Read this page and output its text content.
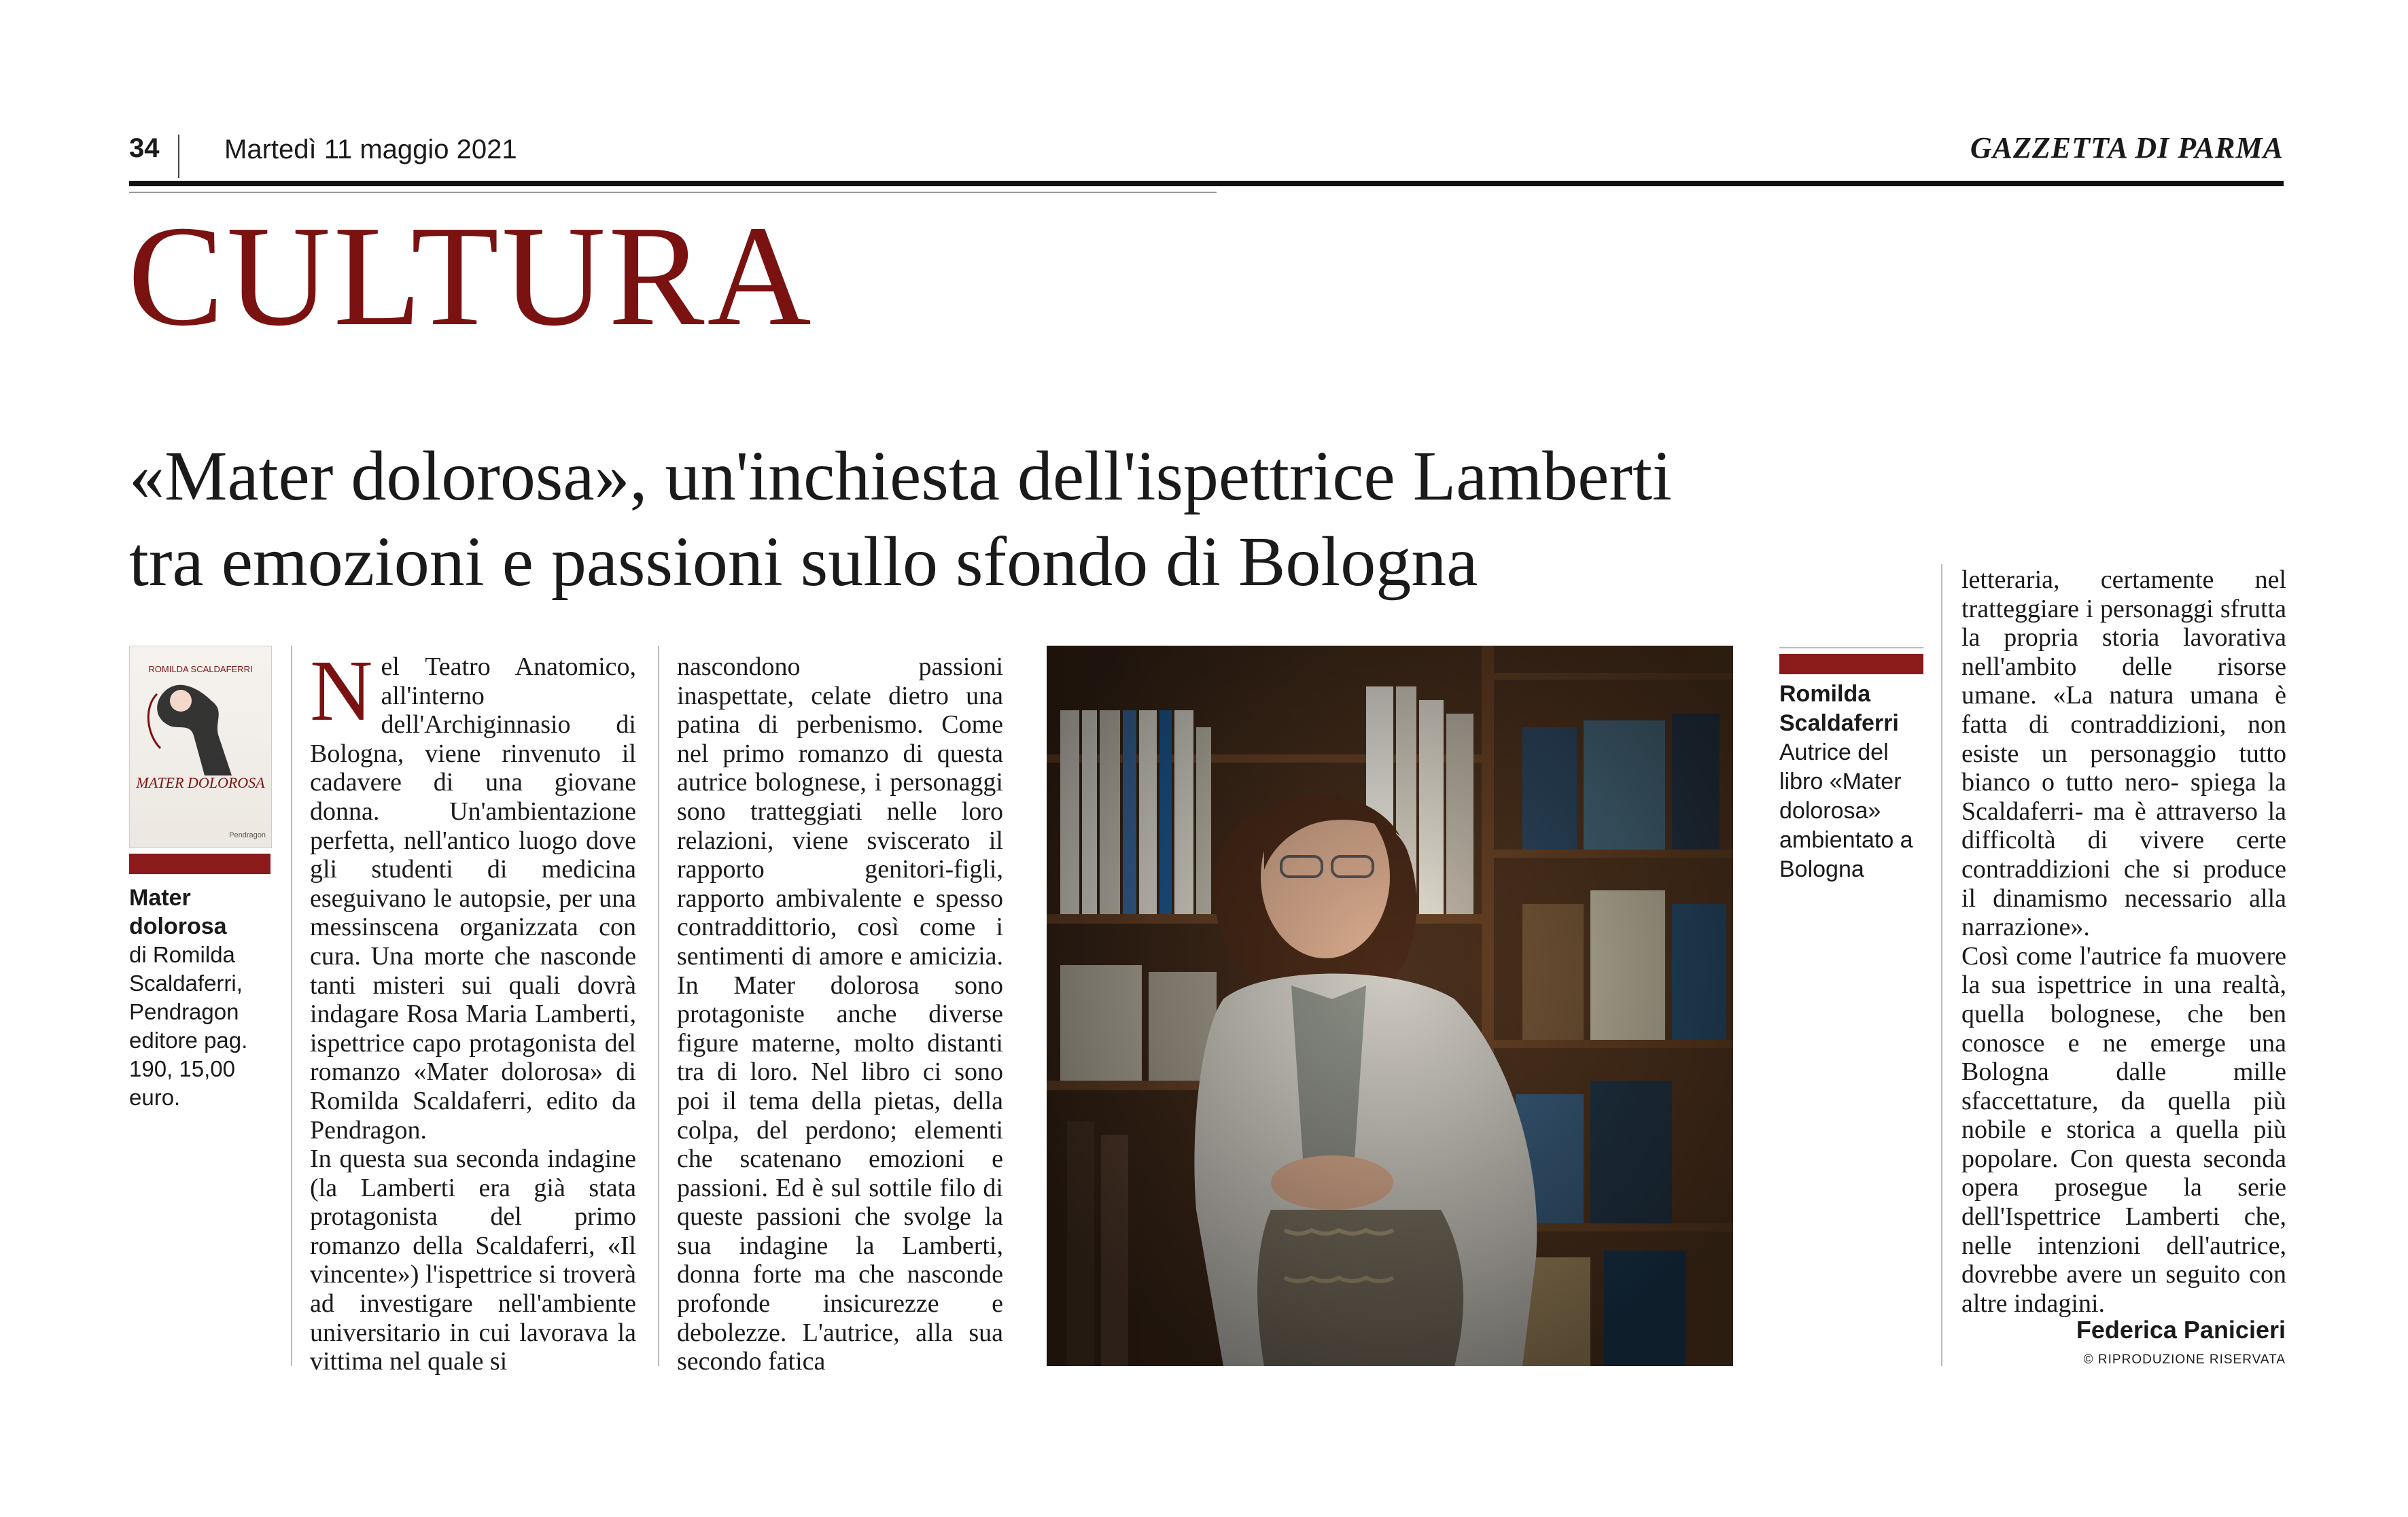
34 Martedì 11 maggio 2021	GAZZETTA DI PARMA
CULTURA
«Mater dolorosa», un'inchiesta dell'ispettrice Lamberti
tra emozioni e passioni sullo sfondo di Bologna
ROMILDA SCALDAFERRI
MATER DOLOROSA
Pendragon
Mater dolorosa
di Romilda Scaldaferri, Pendragon editore pag. 190, 15,00 euro.

Nel Teatro Anatomico, all'interno dell'Archiginnasio di Bologna, viene rinvenuto il cadavere di una giovane donna. Un'ambientazione perfetta, nell'antico luogo dove gli studenti di medicina eseguivano le autopsie, per una messinscena organizzata con cura. Una morte che nasconde tanti misteri sui quali dovrà indagare Rosa Maria Lamberti, ispettrice capo protagonista del romanzo «Mater dolorosa» di Romilda Scaldaferri, edito da Pendragon.

In questa sua seconda indagine (la Lamberti era già stata protagonista del primo romanzo della Scaldaferri, «Il vincente») l'ispettrice si troverà ad investigare nell'ambiente universitario in cui lavorava la vittima nel quale si

nascondono passioni inaspettate, celate dietro una patina di perbenismo. Come nel primo romanzo di questa autrice bolognese, i personaggi sono tratteggiati nelle loro relazioni, viene sviscerato il rapporto genitori-figli, rapporto ambivalente e spesso contraddittorio, così come i sentimenti di amore e amicizia. In Mater dolorosa sono protagoniste anche diverse figure materne, molto distanti tra di loro. Nel libro ci sono poi il tema della pietas, della colpa, del perdono; elementi che scatenano emozioni e passioni. Ed è sul sottile filo di queste passioni che svolge la sua indagine la Lamberti, donna forte ma che nasconde profonde insicurezze e debolezze. L'autrice, alla sua secondo fatica

Romilda Scaldaferri
Autrice del libro «Mater dolorosa» ambientato a Bologna

letteraria, certamente nel tratteggiare i personaggi sfrutta la propria storia lavorativa nell'ambito delle risorse umane. «La natura umana è fatta di contraddizioni, non esiste un personaggio tutto bianco o tutto nero- spiega la Scaldaferri- ma è attraverso la difficoltà di vivere certe contraddizioni che si produce il dinamismo necessario alla narrazione».

Così come l'autrice fa muovere la sua ispettrice in una realtà, quella bolognese, che ben conosce e ne emerge una Bologna dalle mille sfaccettature, da quella più nobile e storica a quella più popolare. Con questa seconda opera prosegue la serie dell'Ispettrice Lamberti che, nelle intenzioni dell'autrice, dovrebbe avere un seguito con altre indagini.

Federica Panicieri
© RIPRODUZIONE RISERVATA
